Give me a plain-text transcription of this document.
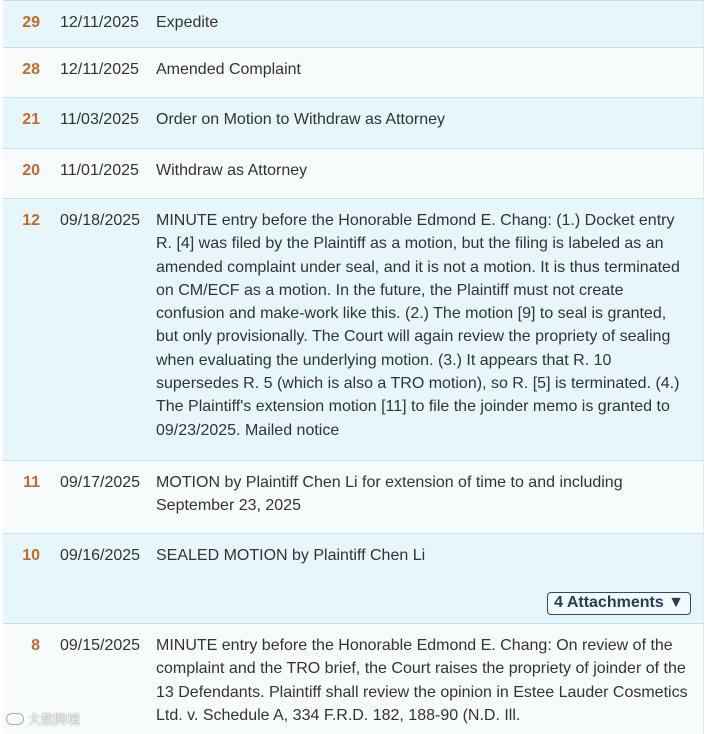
29	12/11/2025	Expedite
28	12/11/2025	Amended Complaint
21	11/03/2025	Order on Motion to Withdraw as Attorney
20	11/01/2025	Withdraw as Attorney
12	09/18/2025 MINUTE entry before the Honorable Edmond E. Chang: (1.) Docket entry R. [4] was filed by the Plaintiff as a motion, but the filing is labeled as an amended complaint under seal, and it is not a motion. It is thus terminated on CM/ECF as a motion. In the future, the Plaintiff must not create confusion and make-work like this. (2.) The motion [9] to seal is granted, but only provisionally. The Court will again review the propriety of sealing when evaluating the underlying motion. (3.) It appears that R. 10 supersedes R. 5 (which is also a TRO motion), so R. [5] is terminated. (4.) The Plaintiff's extension motion [11] to file the joinder memo is granted to 09/23/2025. Mailed notice
11	09/17/2025 MOTION by Plaintiff Chen Li for extension of time to and including September 23, 2025
10	09/16/2025 SEALED MOTION by Plaintiff Chen Li
4 Attachments ▼
8	09/15/2025 MINUTE entry before the Honorable Edmond E. Chang: On review of the complaint and the TRO brief, the Court raises the propriety of joinder of the 13 Defendants. Plaintiff shall review the opinion in Estee Lauder Cosmetics Ltd. v. Schedule A, 334 F.R.D. 182, 188-90 (N.D. Ill.
大数跨境
